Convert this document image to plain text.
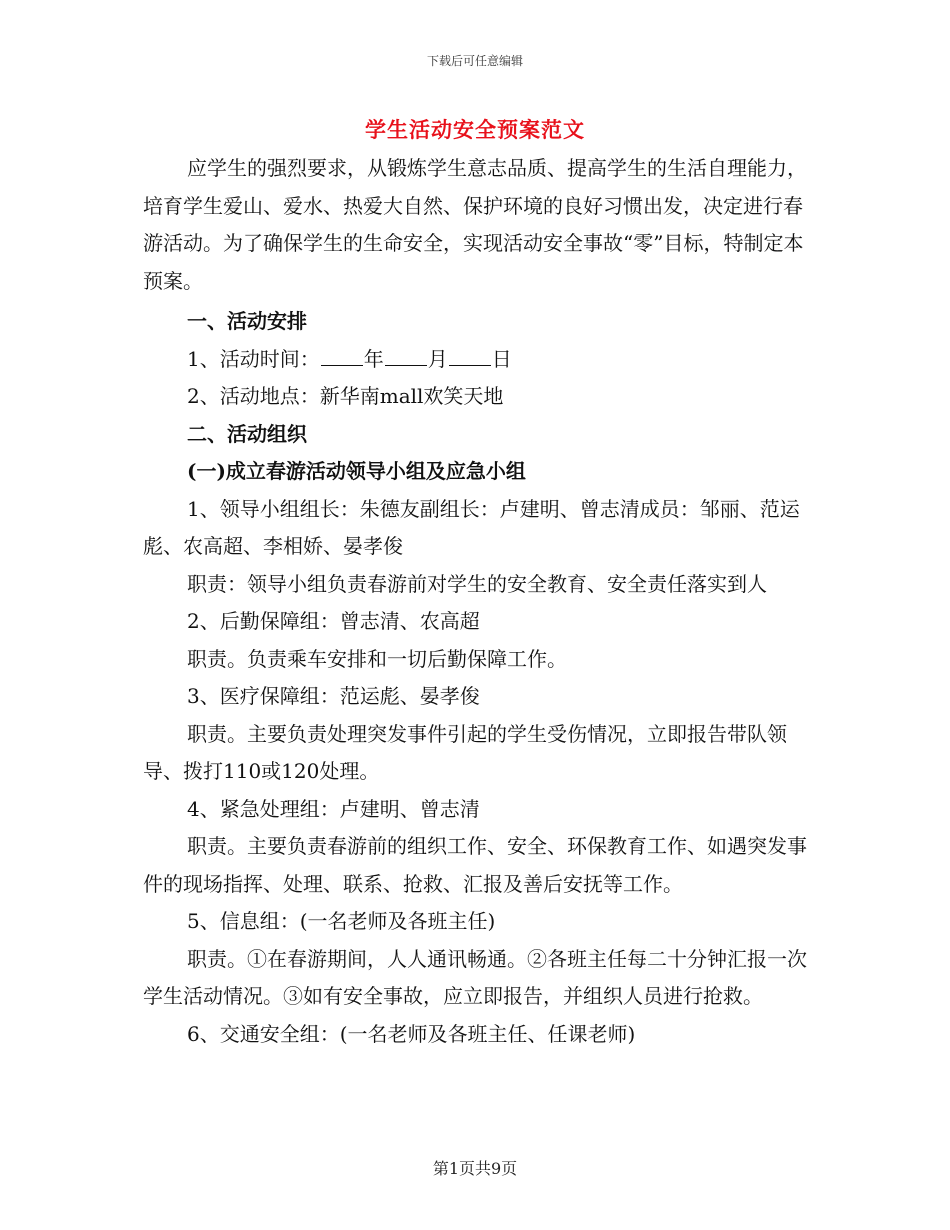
下载后可任意编辑
学生活动安全预案范文

应学生的强烈要求，从锻炼学生意志品质、提高学生的生活自理能力，培育学生爱山、爱水、热爱大自然、保护环境的良好习惯出发，决定进行春游活动。为了确保学生的生命安全，实现活动安全事故“零”目标，特制定本预案。

一、活动安排

1、活动时间： 年 月 日

2、活动地点：新华南mall欢笑天地

二、活动组织

(一)成立春游活动领导小组及应急小组

1、领导小组组长：朱德友副组长：卢建明、曾志清成员：邹丽、范运彪、农高超、李相娇、晏孝俊

职责：领导小组负责春游前对学生的安全教育、安全责任落实到人

2、后勤保障组：曾志清、农高超

职责。负责乘车安排和一切后勤保障工作。

3、医疗保障组：范运彪、晏孝俊

职责。主要负责处理突发事件引起的学生受伤情况，立即报告带队领导、拨打110或120处理。

4、紧急处理组：卢建明、曾志清

职责。主要负责春游前的组织工作、安全、环保教育工作、如遇突发事件的现场指挥、处理、联系、抢救、汇报及善后安抚等工作。

5、信息组：(一名老师及各班主任)

职责。①在春游期间，人人通讯畅通。②各班主任每二十分钟汇报一次学生活动情况。③如有安全事故，应立即报告，并组织人员进行抢救。

6、交通安全组：(一名老师及各班主任、任课老师)

第1页共9页
